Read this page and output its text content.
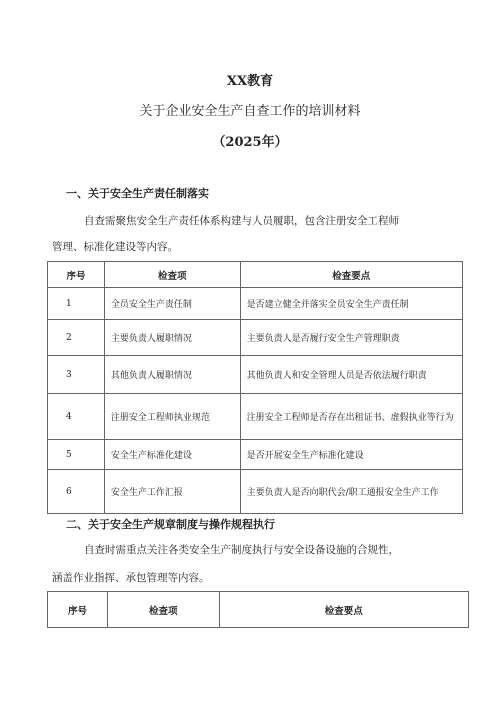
XX教育
关于企业安全生产自查工作的培训材料
（2025年）
一、关于安全生产责任制落实
自查需聚焦安全生产责任体系构建与人员履职，包含注册安全工程师
管理、标准化建设等内容。
序号	检查项	检查要点
1	全员安全生产责任制	是否建立健全并落实全员安全生产责任制
2	主要负责人履职情况	主要负责人是否履行安全生产管理职责
3	其他负责人履职情况	其他负责人和安全管理人员是否依法履行职责
4	注册安全工程师执业规范	注册安全工程师是否存在出租证书、虚假执业等行为
5	安全生产标准化建设	是否开展安全生产标准化建设
6	安全生产工作汇报	主要负责人是否向职代会/职工通报安全生产工作
二、关于安全生产规章制度与操作规程执行
自查时需重点关注各类安全生产制度执行与安全设备设施的合规性，
涵盖作业指挥、承包管理等内容。
序号	检查项	检查要点
